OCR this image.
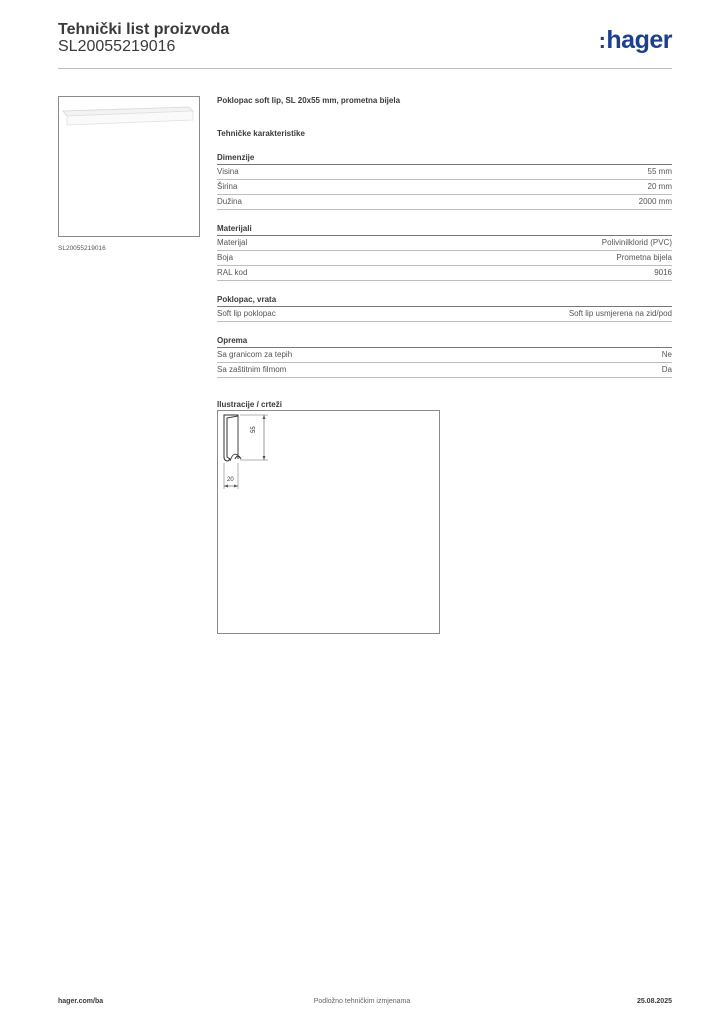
Tehnički list proizvoda
SL20055219016	:hager
SL20055219016
Poklopac soft lip, SL 20x55 mm, prometna bijela
Tehničke karakteristike
Dimenzije
Visina	55 mm
Širina	20 mm
Dužina	2000 mm
Materijali
Materijal	Polivinilklorid (PVC)
Boja	Prometna bijela
RAL kod	9016
Poklopac, vrata
Soft lip poklopac	Soft lip usmjerena na zid/pod
Oprema
Sa granicom za tepih	Ne
Sa zaštitnim filmom	Da
Ilustracije / crteži
55
20
hager.com/ba	Podložno tehničkim izmjenama	25.08.2025
